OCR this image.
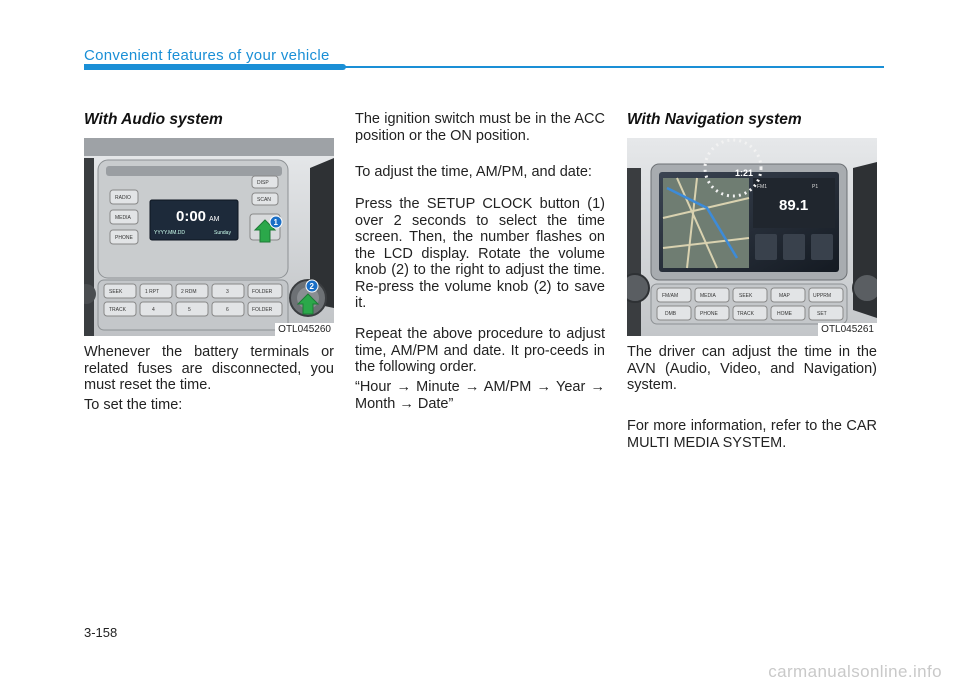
Convenient features of your vehicle
With Audio system
RADIO
MEDIA
PHONE
0:00 AM
YYYY.MM.DD	Sunday
DISP
SCAN
1
SEEK	1 RPT	2 RDM	3	FOLDER
TRACK	4	5	6	FOLDER
2
OTL045260

Whenever the battery terminals or related fuses are disconnected, you must reset the time.

To set the time:

The ignition switch must be in the ACC position or the ON position.

To adjust the time, AM/PM, and date:

Press the SETUP CLOCK button (1) over 2 seconds to select the time screen. Then, the number flashes on the LCD display. Rotate the volume knob (2) to the right to adjust the time. Re-press the volume knob (2) to save it.

Repeat the above procedure to adjust time, AM/PM and date. It pro-ceeds in the following order.

“Hour → Minute → AM/PM → Year → Month → Date”

With Navigation system
89.1
FM1	P1
1:21
FM/AM	MEDIA	SEEK	MAP	UPPRM
DMB	PHONE	TRACK	HOME	SET
OTL045261

The driver can adjust the time in the AVN (Audio, Video, and Navigation) system.

For more information, refer to the CAR MULTI MEDIA SYSTEM.

3-158
carmanualsonline.info
